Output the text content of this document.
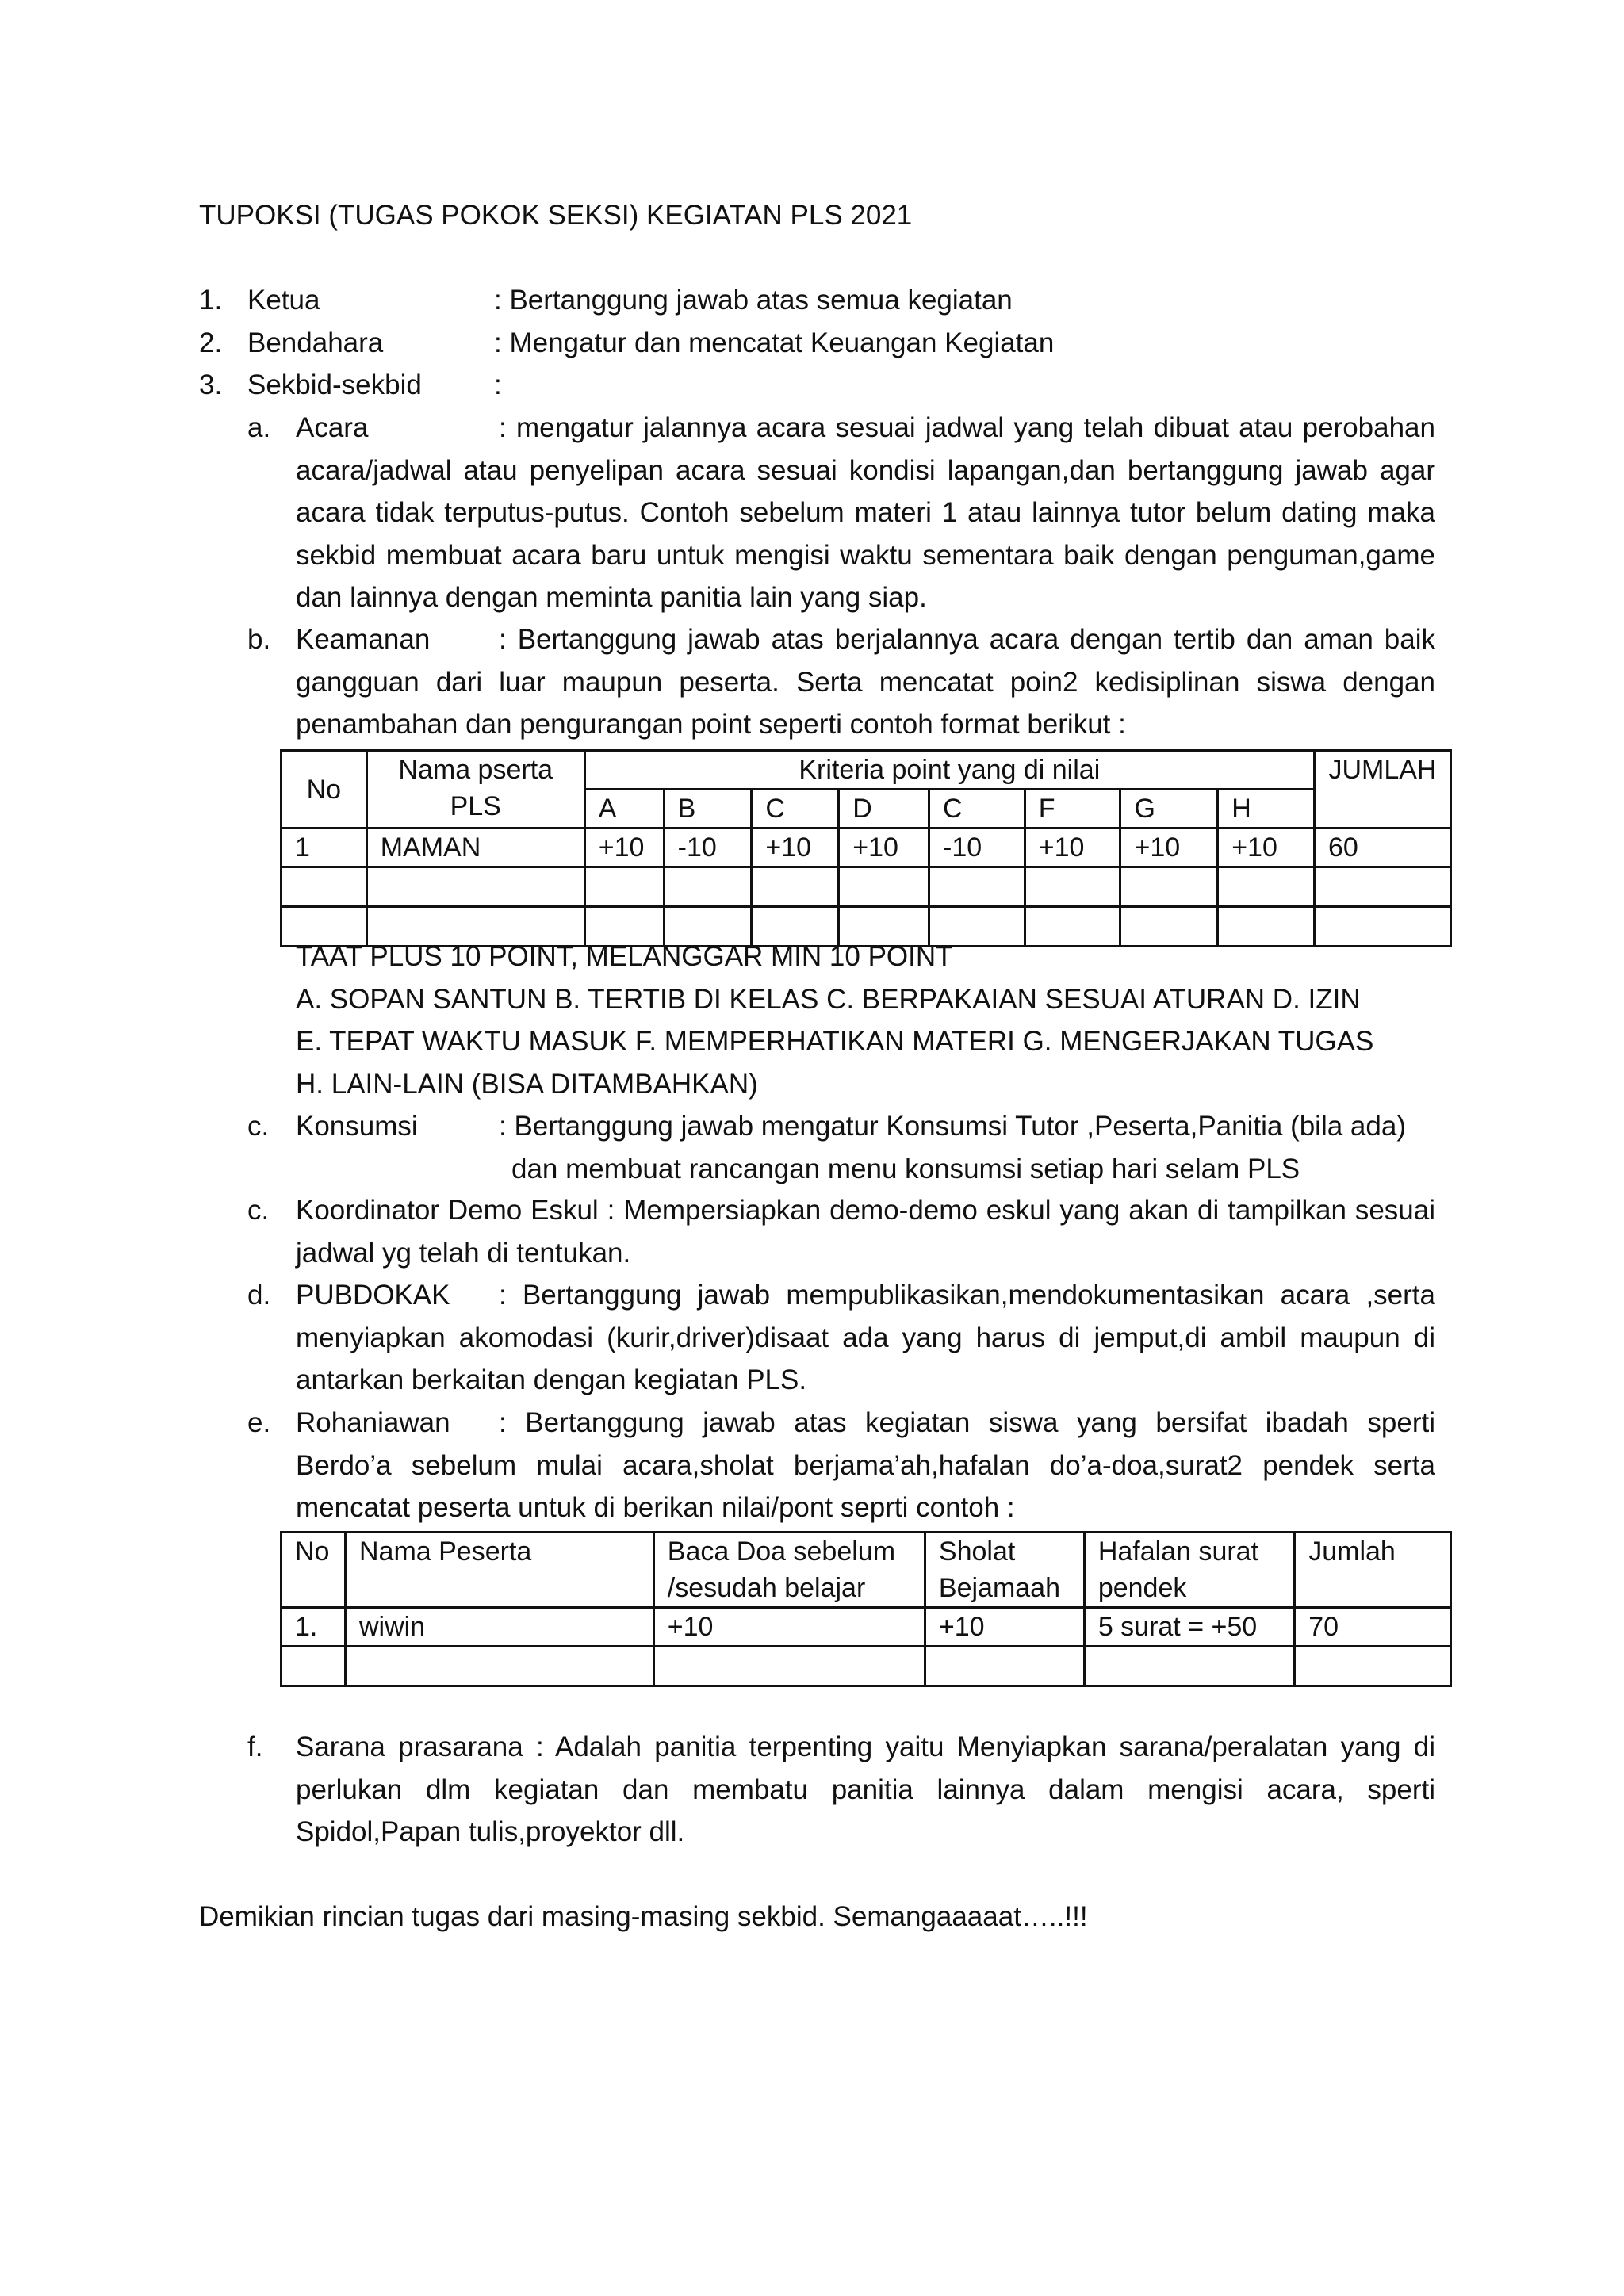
TUPOKSI (TUGAS POKOK SEKSI) KEGIATAN PLS 2021
1. Ketua	: Bertanggung jawab atas semua kegiatan
2. Bendahara	: Mengatur dan mencatat Keuangan Kegiatan
3. Sekbid-sekbid	:
a. Acara	: mengatur jalannya acara sesuai jadwal yang telah dibuat atau perobahan acara/jadwal atau penyelipan acara sesuai kondisi lapangan,dan bertanggung jawab agar acara tidak terputus-putus. Contoh sebelum materi 1 atau lainnya tutor belum dating maka sekbid membuat acara baru untuk mengisi waktu sementara baik dengan penguman,game dan lainnya dengan meminta panitia lain yang siap.
b. Keamanan	: Bertanggung jawab atas berjalannya acara dengan tertib dan aman baik gangguan dari luar maupun peserta. Serta mencatat poin2 kedisiplinan siswa dengan penambahan dan pengurangan point seperti contoh format berikut :
No	Nama pserta PLS	Kriteria point yang di nilai								JUMLAH
		A	B	C	D	C	F	G	H	
1	MAMAN	+10	-10	+10	+10	-10	+10	+10	+10	60

TAAT PLUS 10 POINT, MELANGGAR MIN 10 POINT
A. SOPAN SANTUN B. TERTIB DI KELAS C. BERPAKAIAN SESUAI ATURAN D. IZIN
E. TEPAT WAKTU MASUK F. MEMPERHATIKAN MATERI G. MENGERJAKAN TUGAS
H. LAIN-LAIN (BISA DITAMBAHKAN)
c. Konsumsi	: Bertanggung jawab mengatur Konsumsi Tutor ,Peserta,Panitia (bila ada)
dan membuat rancangan menu konsumsi setiap hari selam PLS
c. Koordinator Demo Eskul : Mempersiapkan demo-demo eskul yang akan di tampilkan sesuai jadwal yg telah di tentukan.
d. PUBDOKAK	: Bertanggung jawab mempublikasikan,mendokumentasikan acara ,serta menyiapkan akomodasi (kurir,driver)disaat ada yang harus di jemput,di ambil maupun di antarkan berkaitan dengan kegiatan PLS.
e. Rohaniawan	: Bertanggung jawab atas kegiatan siswa yang bersifat ibadah sperti Berdo’a sebelum mulai acara,sholat berjama’ah,hafalan do’a-doa,surat2 pendek serta mencatat peserta untuk di berikan nilai/pont seprti contoh :
No	Nama Peserta	Baca Doa sebelum /sesudah belajar	Sholat Bejamaah	Hafalan surat pendek	Jumlah
1.	wiwin	+10	+10	5 surat = +50	70

f. Sarana prasarana : Adalah panitia terpenting yaitu Menyiapkan sarana/peralatan yang di perlukan dlm kegiatan dan membatu panitia lainnya dalam mengisi acara, sperti Spidol,Papan tulis,proyektor dll.

Demikian rincian tugas dari masing-masing sekbid. Semangaaaaat…..!!!
